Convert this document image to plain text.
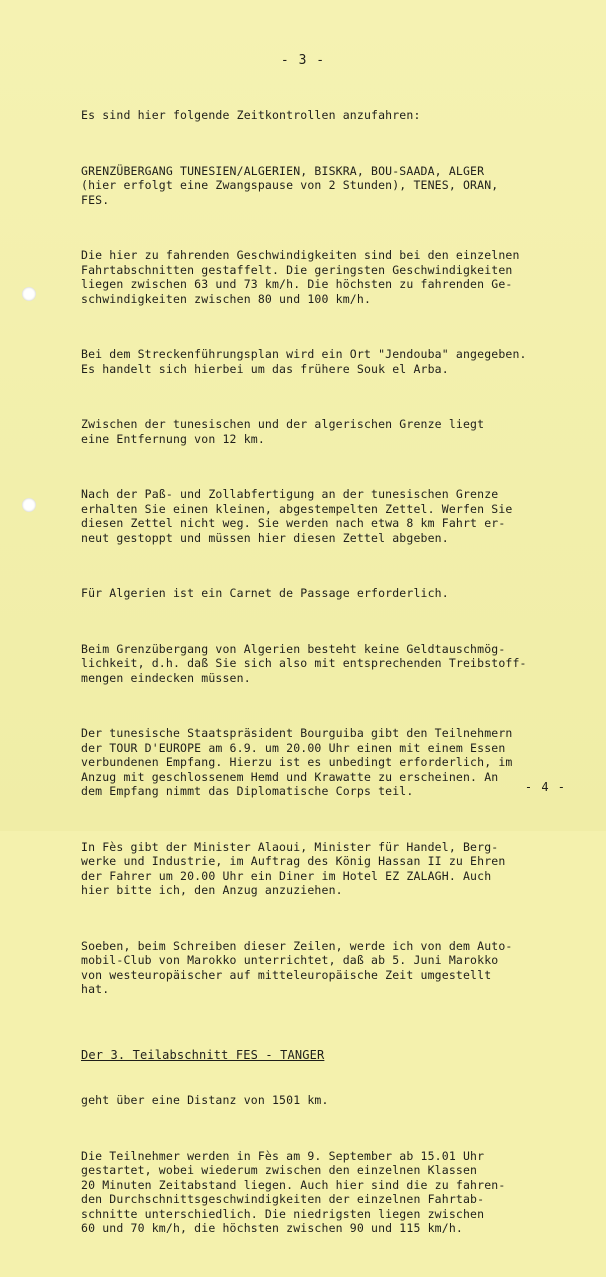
- 3 -

Es sind hier folgende Zeitkontrollen anzufahren:

GRENZÜBERGANG TUNESIEN/ALGERIEN, BISKRA, BOU-SAADA, ALGER
(hier erfolgt eine Zwangspause von 2 Stunden), TENES, ORAN,
FES.

Die hier zu fahrenden Geschwindigkeiten sind bei den einzelnen
Fahrtabschnitten gestaffelt. Die geringsten Geschwindigkeiten
liegen zwischen 63 und 73 km/h. Die höchsten zu fahrenden Ge-
schwindigkeiten zwischen 80 und 100 km/h.

Bei dem Streckenführungsplan wird ein Ort "Jendouba" angegeben.
Es handelt sich hierbei um das frühere Souk el Arba.

Zwischen der tunesischen und der algerischen Grenze liegt
eine Entfernung von 12 km.

Nach der Paß- und Zollabfertigung an der tunesischen Grenze
erhalten Sie einen kleinen, abgestempelten Zettel. Werfen Sie
diesen Zettel nicht weg. Sie werden nach etwa 8 km Fahrt er-
neut gestoppt und müssen hier diesen Zettel abgeben.

Für Algerien ist ein Carnet de Passage erforderlich.

Beim Grenzübergang von Algerien besteht keine Geldtauschmög-
lichkeit, d.h. daß Sie sich also mit entsprechenden Treibstoff-
mengen eindecken müssen.

Der tunesische Staatspräsident Bourguiba gibt den Teilnehmern
der TOUR D'EUROPE am 6.9. um 20.00 Uhr einen mit einem Essen
verbundenen Empfang. Hierzu ist es unbedingt erforderlich, im
Anzug mit geschlossenem Hemd und Krawatte zu erscheinen. An
dem Empfang nimmt das Diplomatische Corps teil.

In Fès gibt der Minister Alaoui, Minister für Handel, Berg-
werke und Industrie, im Auftrag des König Hassan II zu Ehren
der Fahrer um 20.00 Uhr ein Diner im Hotel EZ ZALAGH. Auch
hier bitte ich, den Anzug anzuziehen.

Soeben, beim Schreiben dieser Zeilen, werde ich von dem Auto-
mobil-Club von Marokko unterrichtet, daß ab 5. Juni Marokko
von westeuropäischer auf mitteleuropäische Zeit umgestellt
hat.

Der 3. Teilabschnitt FES - TANGER

geht über eine Distanz von 1501 km.

Die Teilnehmer werden in Fès am 9. September ab 15.01 Uhr
gestartet, wobei wiederum zwischen den einzelnen Klassen
20 Minuten Zeitabstand liegen. Auch hier sind die zu fahren-
den Durchschnittsgeschwindigkeiten der einzelnen Fahrtab-
schnitte unterschiedlich. Die niedrigsten liegen zwischen
60 und 70 km/h, die höchsten zwischen 90 und 115 km/h.

- 4 -
